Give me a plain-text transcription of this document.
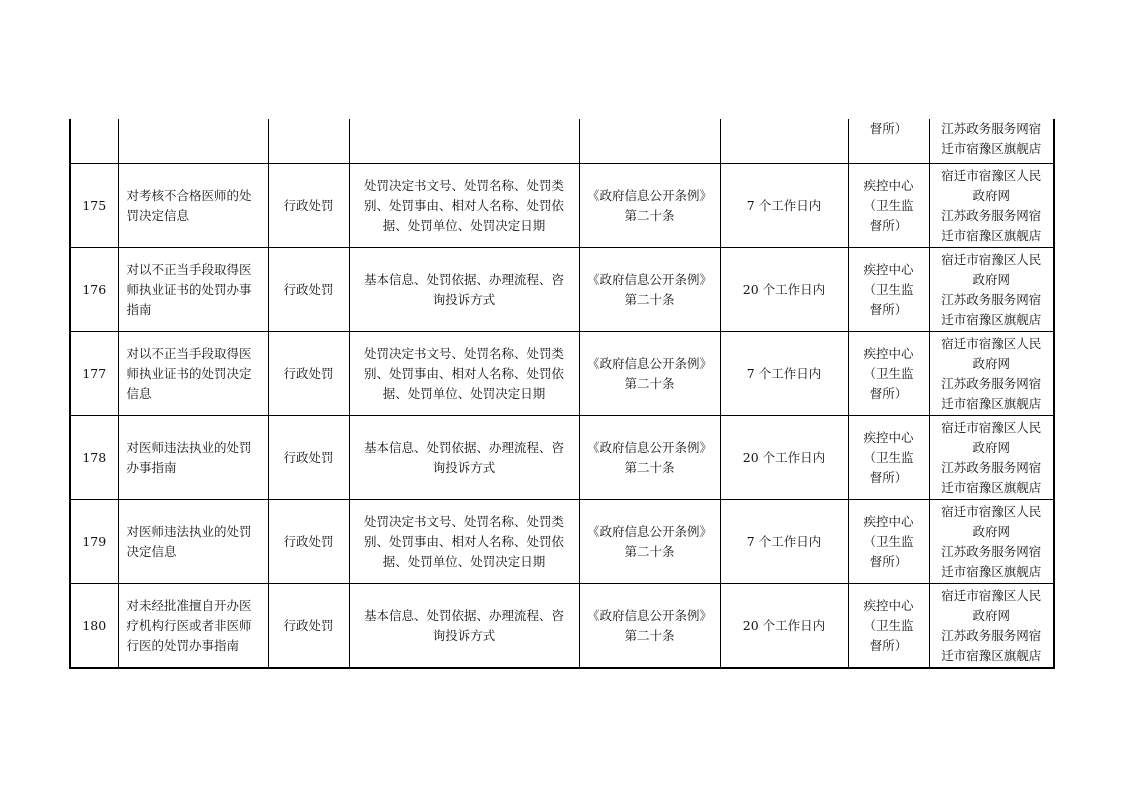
						督所）	江苏政务服务网宿
迁市宿豫区旗舰店

175	对考核不合格医师的处
罚决定信息	行政处罚	处罚决定书文号、处罚名称、处罚类
别、处罚事由、相对人名称、处罚依
据、处罚单位、处罚决定日期	《政府信息公开条例》
第二十条	7 个工作日内	疾控中心
（卫生监
督所）	宿迁市宿豫区人民
政府网
江苏政务服务网宿
迁市宿豫区旗舰店

176	对以不正当手段取得医
师执业证书的处罚办事
指南	行政处罚	基本信息、处罚依据、办理流程、咨
询投诉方式	《政府信息公开条例》
第二十条	20 个工作日内	疾控中心
（卫生监
督所）	宿迁市宿豫区人民
政府网
江苏政务服务网宿
迁市宿豫区旗舰店

177	对以不正当手段取得医
师执业证书的处罚决定
信息	行政处罚	处罚决定书文号、处罚名称、处罚类
别、处罚事由、相对人名称、处罚依
据、处罚单位、处罚决定日期	《政府信息公开条例》
第二十条	7 个工作日内	疾控中心
（卫生监
督所）	宿迁市宿豫区人民
政府网
江苏政务服务网宿
迁市宿豫区旗舰店

178	对医师违法执业的处罚
办事指南	行政处罚	基本信息、处罚依据、办理流程、咨
询投诉方式	《政府信息公开条例》
第二十条	20 个工作日内	疾控中心
（卫生监
督所）	宿迁市宿豫区人民
政府网
江苏政务服务网宿
迁市宿豫区旗舰店

179	对医师违法执业的处罚
决定信息	行政处罚	处罚决定书文号、处罚名称、处罚类
别、处罚事由、相对人名称、处罚依
据、处罚单位、处罚决定日期	《政府信息公开条例》
第二十条	7 个工作日内	疾控中心
（卫生监
督所）	宿迁市宿豫区人民
政府网
江苏政务服务网宿
迁市宿豫区旗舰店

180	对未经批准擅自开办医
疗机构行医或者非医师
行医的处罚办事指南	行政处罚	基本信息、处罚依据、办理流程、咨
询投诉方式	《政府信息公开条例》
第二十条	20 个工作日内	疾控中心
（卫生监
督所）	宿迁市宿豫区人民
政府网
江苏政务服务网宿
迁市宿豫区旗舰店
